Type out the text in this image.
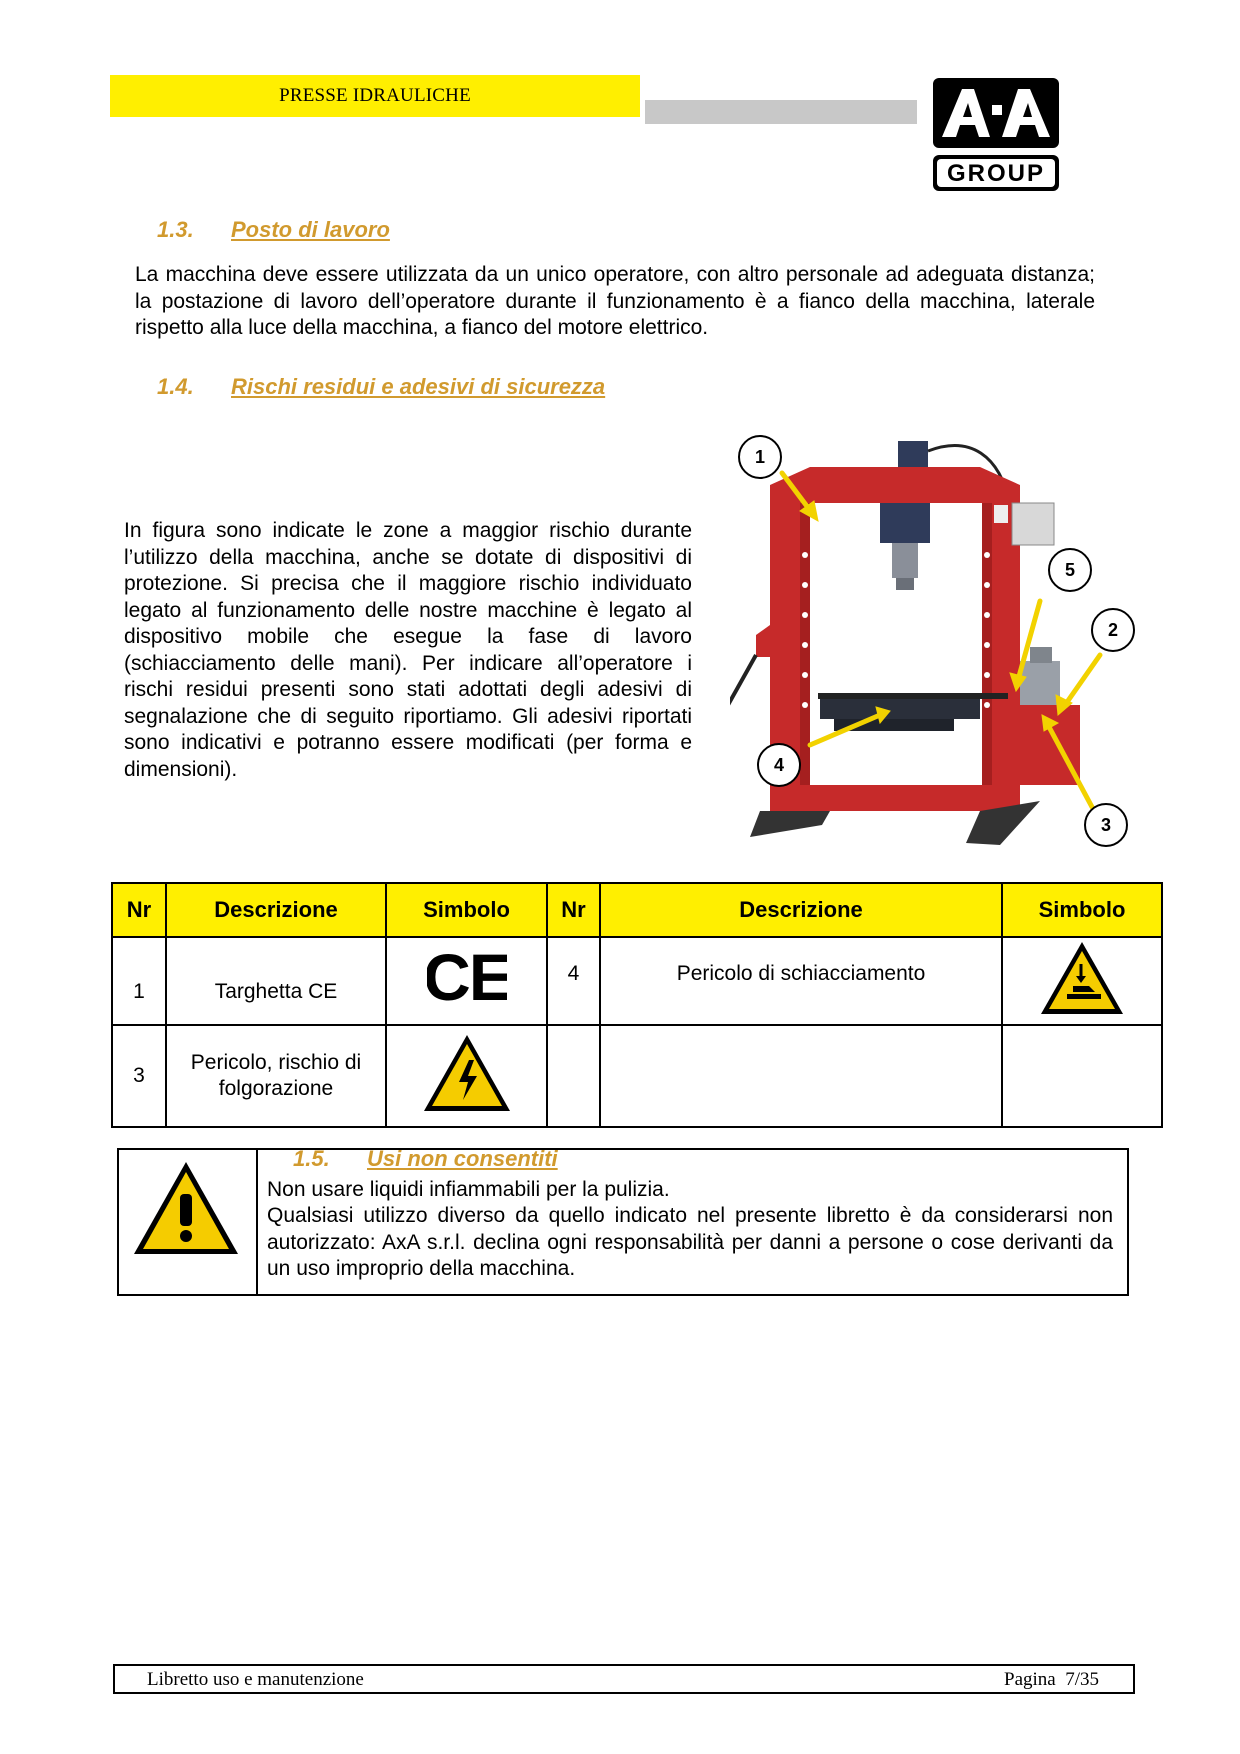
PRESSE IDRAULICHE
GROUP
1.3. Posto di lavoro
La macchina deve essere utilizzata da un unico operatore, con altro personale ad adeguata distanza; la postazione di lavoro dell’operatore durante il funzionamento è a fianco della macchina, laterale rispetto alla luce della macchina, a fianco del motore elettrico.
1.4. Rischi residui e adesivi di sicurezza
In figura sono indicate le zone a maggior rischio durante l’utilizzo della macchina, anche se dotate di dispositivi di protezione. Si precisa che il maggiore rischio individuato legato al funzionamento delle nostre macchine è legato al dispositivo mobile che esegue la fase di lavoro (schiacciamento delle mani). Per indicare all’operatore i rischi residui presenti sono stati adottati degli adesivi di segnalazione che di seguito riportiamo. Gli adesivi riportati sono indicativi e potranno essere modificati (per forma e dimensioni).
1
5
2
4
3
Nr	Descrizione	Simbolo	Nr	Descrizione	Simbolo
1	Targhetta CE	CE	4	Pericolo di schiacciamento	
3	Pericolo, rischio di folgorazione				
1.5. Usi non consentiti
Non usare liquidi infiammabili per la pulizia.
Qualsiasi utilizzo diverso da quello indicato nel presente libretto è da considerarsi non autorizzato: AxA s.r.l. declina ogni responsabilità per danni a persone o cose derivanti da un uso improprio della macchina.
Libretto uso e manutenzione	Pagina  7/35
